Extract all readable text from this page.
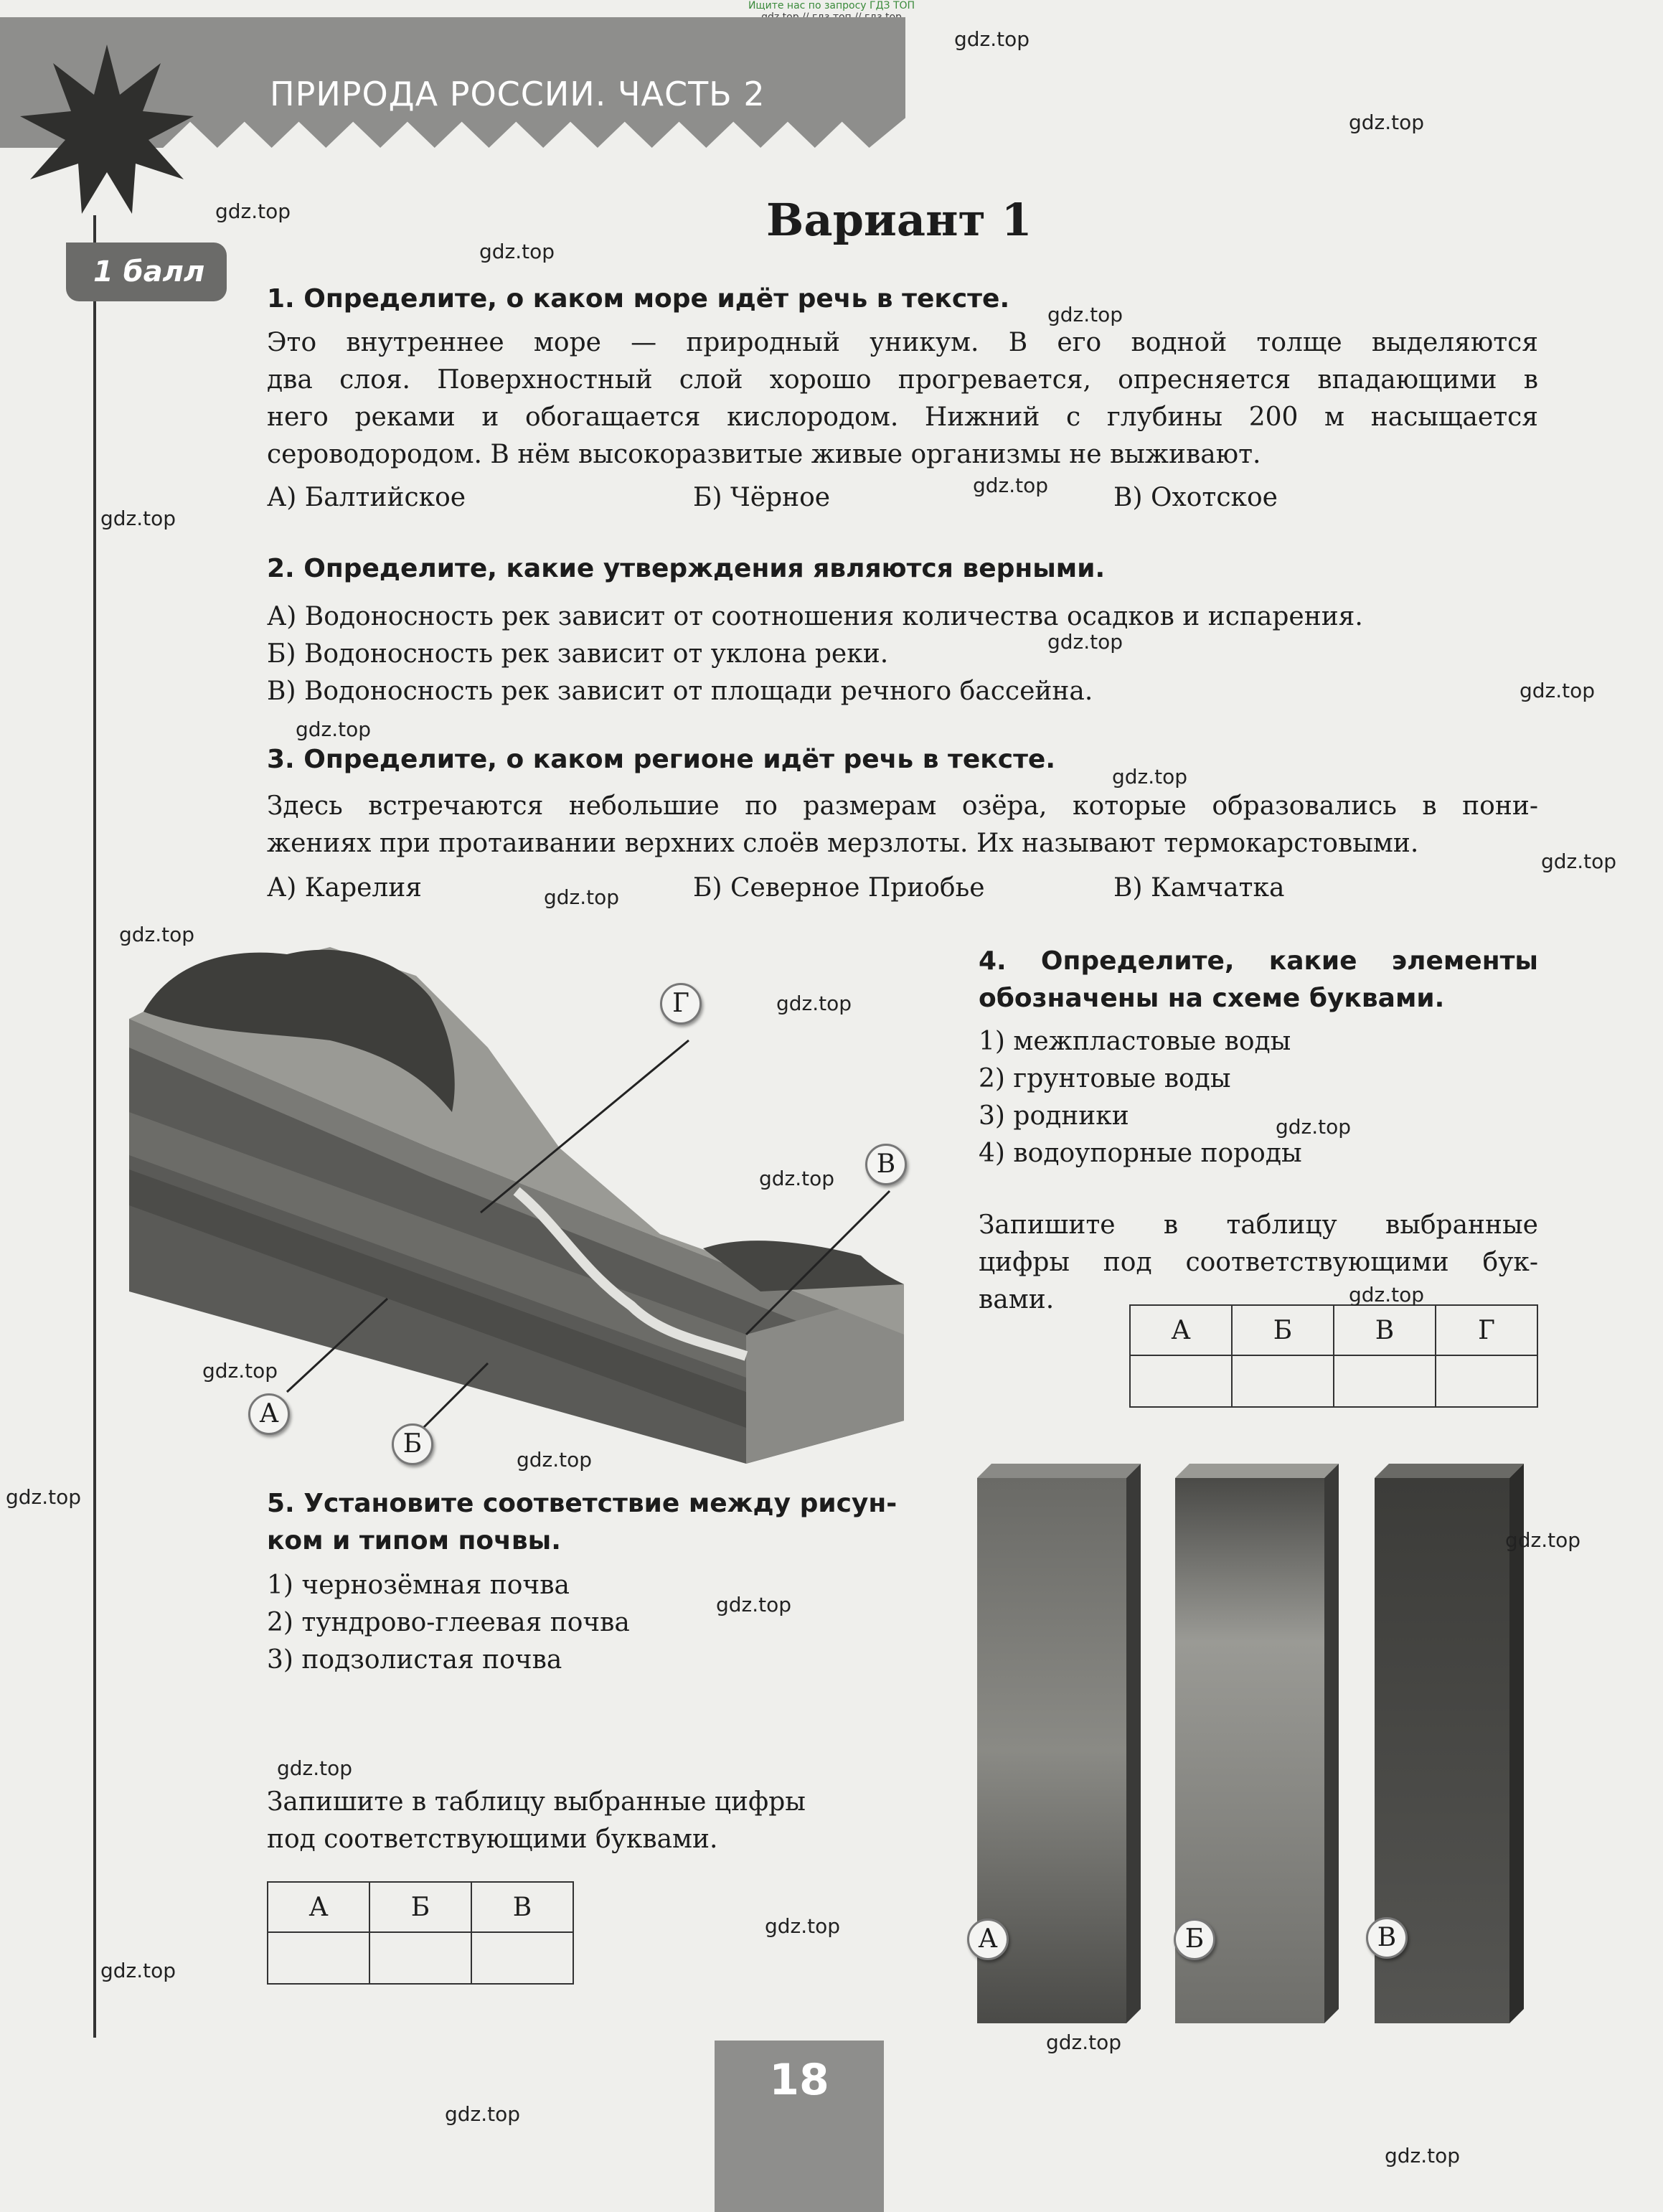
Ищите нас по запросу ГДЗ ТОП
ПРИРОДА РОССИИ. ЧАСТЬ 2
1 балл
Вариант 1
1. Определите, о каком море идёт речь в тексте.
Это внутреннее море — природный уникум. В его водной толще выделяются
два слоя. Поверхностный слой хорошо прогревается, опресняется впадающими в
него реками и обогащается кислородом. Нижний с глубины 200 м насыщается
сероводородом. В нём высокоразвитые живые организмы не выживают.
А) Балтийское	Б) Чёрное	В) Охотское
2. Определите, какие утверждения являются верными.
А) Водоносность рек зависит от соотношения количества осадков и испарения.
Б) Водоносность рек зависит от уклона реки.
В) Водоносность рек зависит от площади речного бассейна.
3. Определите, о каком регионе идёт речь в тексте.
Здесь встречаются небольшие по размерам озёра, которые образовались в пони-
жениях при протаивании верхних слоёв мерзлоты. Их называют термокарстовыми.
А) Карелия	Б) Северное Приобье	В) Камчатка
Г
В
А
Б
4. Определите, какие элементы
обозначены на схеме буквами.
1) межпластовые воды
2) грунтовые воды
3) родники
4) водоупорные породы
Запишите в таблицу выбранные
цифры под соответствующими бук-
вами.
А	Б	В	Г

5. Установите соответствие между рисун-
ком и типом почвы.
1) чернозёмная почва
2) тундрово-глеевая почва
3) подзолистая почва
Запишите в таблицу выбранные цифры
под соответствующими буквами.
А	Б	В

А	Б	В
18
gdz.top
gdz.top
gdz.top
gdz.top
gdz.top
gdz.top
gdz.top
gdz.top
gdz.top
gdz.top
gdz.top
gdz.top
gdz.top
gdz.top
gdz.top
gdz.top
gdz.top
gdz.top
gdz.top
gdz.top
gdz.top
gdz.top
gdz.top
gdz.top
gdz.top
gdz.top
gdz.top
gdz.top
gdz.top
